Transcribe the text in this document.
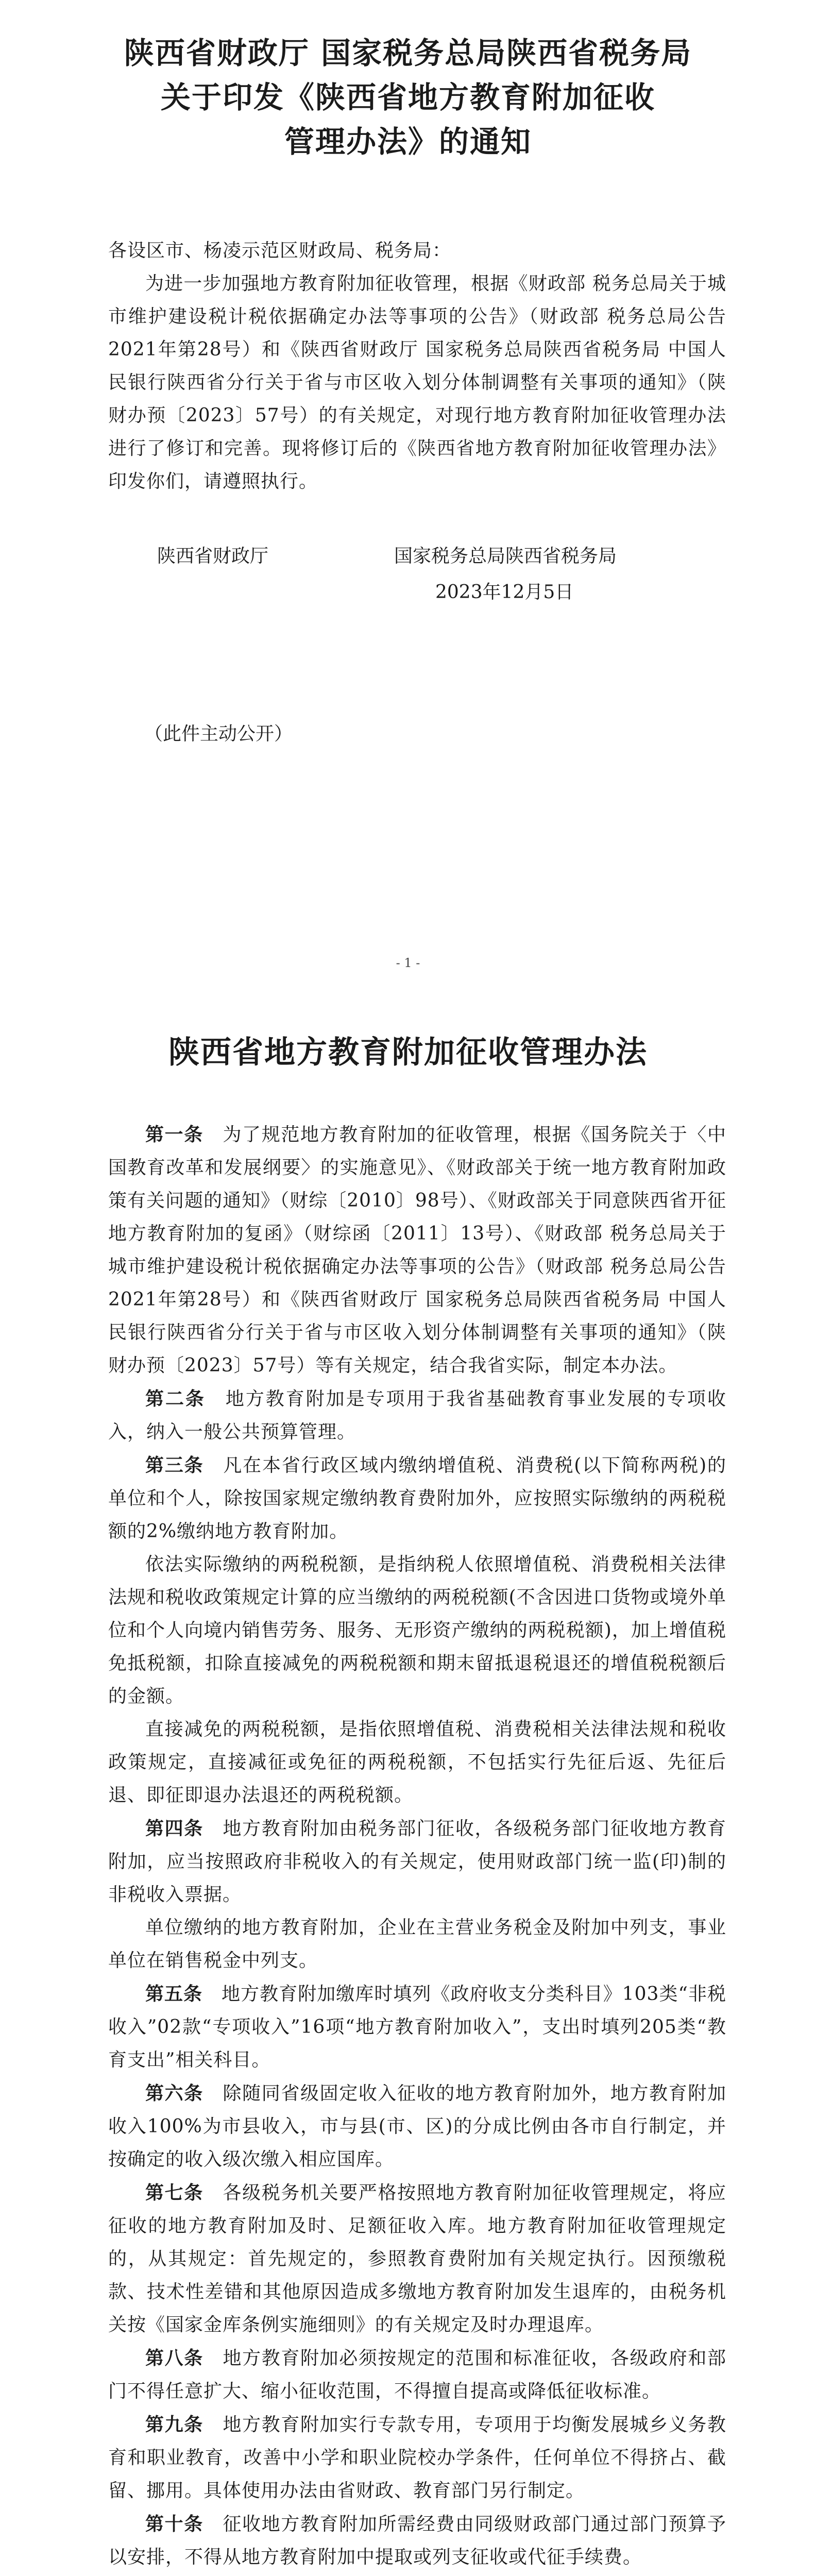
陕西省财政厅 国家税务总局陕西省税务局
关于印发《陕西省地方教育附加征收
管理办法》的通知

各设区市、杨凌示范区财政局、税务局：

为进一步加强地方教育附加征收管理，根据《财政部 税务总局关于城市维护建设税计税依据确定办法等事项的公告》（财政部 税务总局公告2021年第28号）和《陕西省财政厅 国家税务总局陕西省税务局 中国人民银行陕西省分行关于省与市区收入划分体制调整有关事项的通知》（陕财办预〔2023〕57号）的有关规定，对现行地方教育附加征收管理办法进行了修订和完善。现将修订后的《陕西省地方教育附加征收管理办法》印发你们，请遵照执行。

陕西省财政厅	国家税务总局陕西省税务局
2023年12月5日
（此件主动公开）
- 1 -
陕西省地方教育附加征收管理办法

第一条　 为了规范地方教育附加的征收管理，根据《国务院关于〈中国教育改革和发展纲要〉的实施意见》、《财政部关于统一地方教育附加政策有关问题的通知》（财综〔2010〕98号）、《财政部关于同意陕西省开征地方教育附加的复函》（财综函〔2011〕13号）、《财政部 税务总局关于城市维护建设税计税依据确定办法等事项的公告》（财政部 税务总局公告2021年第28号）和《陕西省财政厅 国家税务总局陕西省税务局 中国人民银行陕西省分行关于省与市区收入划分体制调整有关事项的通知》（陕财办预〔2023〕57号）等有关规定，结合我省实际，制定本办法。

第二条　 地方教育附加是专项用于我省基础教育事业发展的专项收入，纳入一般公共预算管理。

第三条　 凡在本省行政区域内缴纳增值税、消费税(以下简称两税)的单位和个人，除按国家规定缴纳教育费附加外，应按照实际缴纳的两税税额的2%缴纳地方教育附加。

依法实际缴纳的两税税额，是指纳税人依照增值税、消费税相关法律法规和税收政策规定计算的应当缴纳的两税税额(不含因进口货物或境外单位和个人向境内销售劳务、服务、无形资产缴纳的两税税额)，加上增值税免抵税额，扣除直接减免的两税税额和期末留抵退税退还的增值税税额后的金额。

直接减免的两税税额，是指依照增值税、消费税相关法律法规和税收政策规定，直接减征或免征的两税税额，不包括实行先征后返、先征后退、即征即退办法退还的两税税额。

第四条　 地方教育附加由税务部门征收，各级税务部门征收地方教育附加，应当按照政府非税收入的有关规定，使用财政部门统一监(印)制的非税收入票据。

单位缴纳的地方教育附加，企业在主营业务税金及附加中列支，事业单位在销售税金中列支。

第五条　 地方教育附加缴库时填列《政府收支分类科目》103类“非税收入”02款“专项收入”16项“地方教育附加收入”，支出时填列205类“教育支出”相关科目。

第六条　 除随同省级固定收入征收的地方教育附加外，地方教育附加收入100%为市县收入，市与县(市、区)的分成比例由各市自行制定，并按确定的收入级次缴入相应国库。

第七条　 各级税务机关要严格按照地方教育附加征收管理规定，将应征收的地方教育附加及时、足额征收入库。地方教育附加征收管理规定的，从其规定：首先规定的，参照教育费附加有关规定执行。因预缴税款、技术性差错和其他原因造成多缴地方教育附加发生退库的，由税务机关按《国家金库条例实施细则》的有关规定及时办理退库。

第八条　 地方教育附加必须按规定的范围和标准征收，各级政府和部门不得任意扩大、缩小征收范围，不得擅自提高或降低征收标准。

第九条　 地方教育附加实行专款专用，专项用于均衡发展城乡义务教育和职业教育，改善中小学和职业院校办学条件，任何单位不得挤占、截留、挪用。具体使用办法由省财政、教育部门另行制定。

第十条　 征收地方教育附加所需经费由同级财政部门通过部门预算予以安排，不得从地方教育附加中提取或列支征收或代征手续费。
